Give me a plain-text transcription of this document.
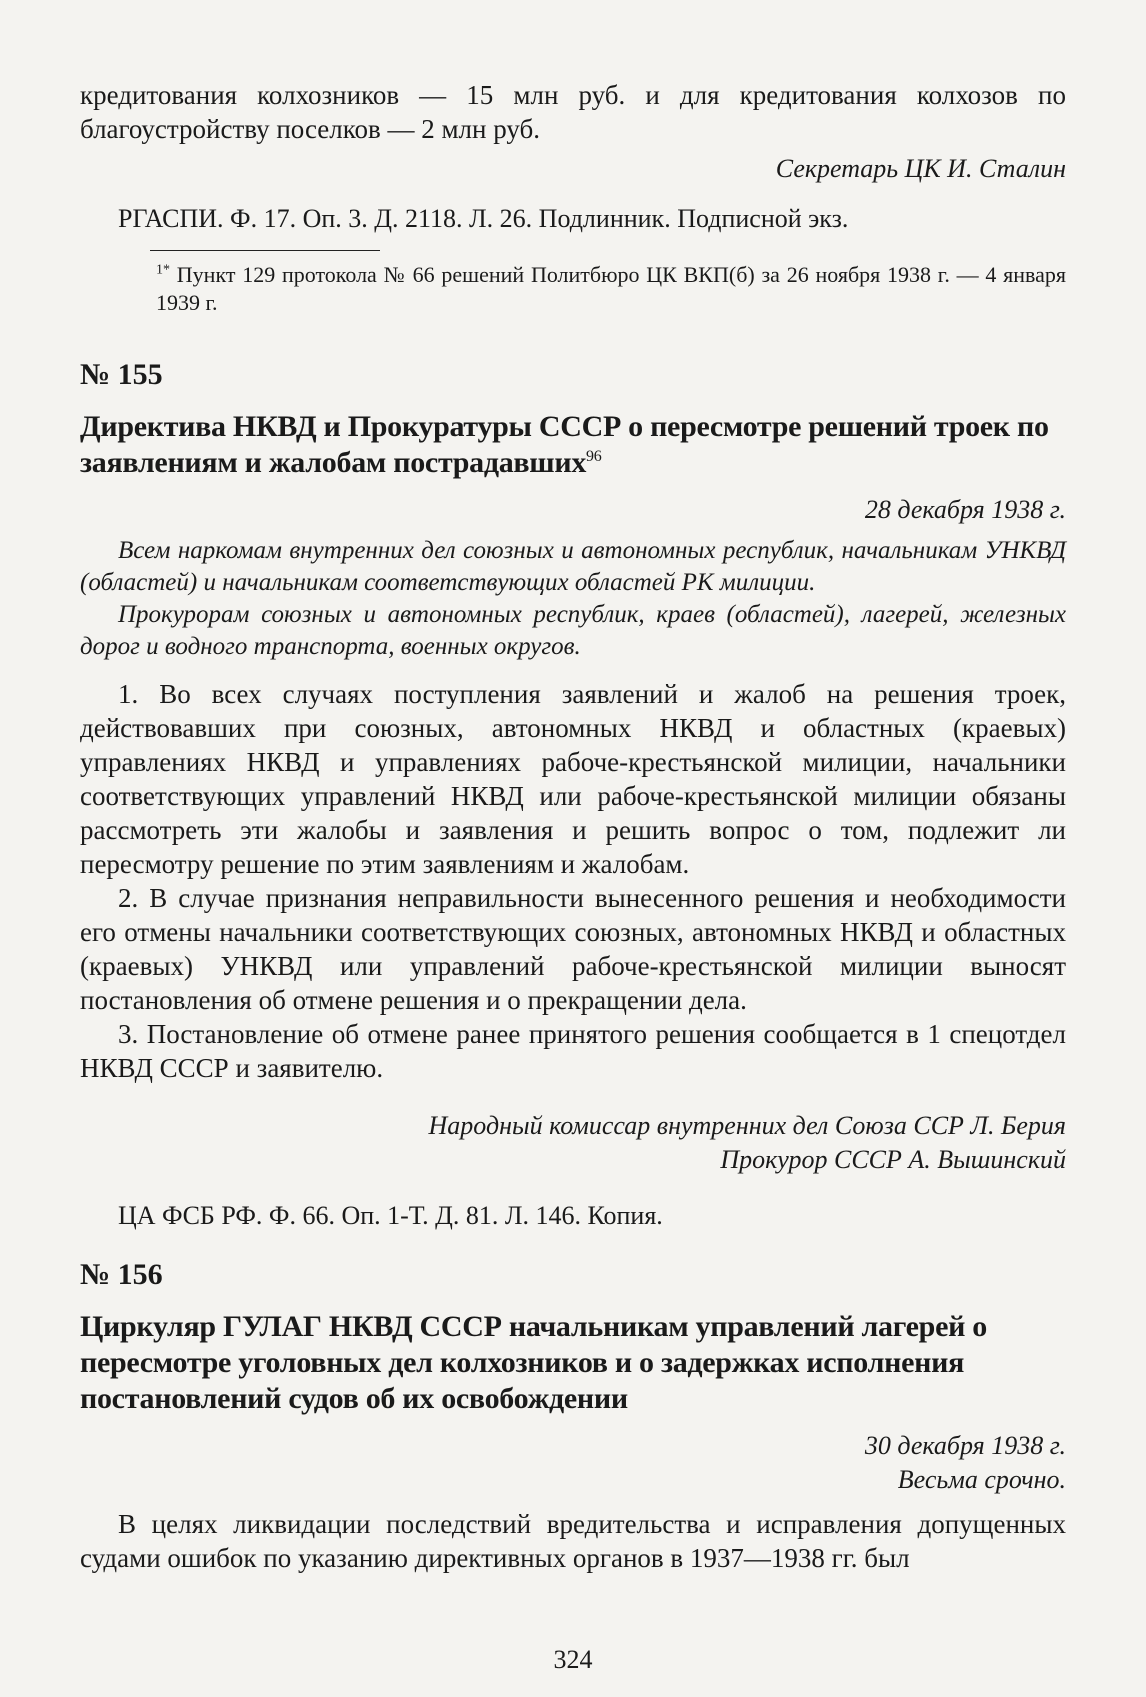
кредитования колхозников — 15 млн руб. и для кредитования колхозов по благоустройству поселков — 2 млн руб.

Секретарь ЦК И. Сталин

РГАСПИ. Ф. 17. Оп. 3. Д. 2118. Л. 26. Подлинник. Подписной экз.

$^{1*}$ Пункт 129 протокола № 66 решений Политбюро ЦК ВКП(б) за 26 ноября 1938 г. — 4 января 1939 г.

№ 155

Директива НКВД и Прокуратуры СССР о пересмотре решений троек по заявлениям и жалобам пострадавших$^{96}$

28 декабря 1938 г.

Всем наркомам внутренних дел союзных и автономных республик, начальникам УНКВД (областей) и начальникам соответствующих областей РК милиции.

Прокурорам союзных и автономных республик, краев (областей), лагерей, железных дорог и водного транспорта, военных округов.

1. Во всех случаях поступления заявлений и жалоб на решения троек, действовавших при союзных, автономных НКВД и областных (краевых) управлениях НКВД и управлениях рабоче-крестьянской милиции, начальники соответствующих управлений НКВД или рабоче-крестьянской милиции обязаны рассмотреть эти жалобы и заявления и решить вопрос о том, подлежит ли пересмотру решение по этим заявлениям и жалобам.

2. В случае признания неправильности вынесенного решения и необходимости его отмены начальники соответствующих союзных, автономных НКВД и областных (краевых) УНКВД или управлений рабоче-крестьянской милиции выносят постановления об отмене решения и о прекращении дела.

3. Постановление об отмене ранее принятого решения сообщается в 1 спецотдел НКВД СССР и заявителю.

Народный комиссар внутренних дел Союза ССР Л. Берия

Прокурор СССР А. Вышинский

ЦА ФСБ РФ. Ф. 66. Оп. 1-Т. Д. 81. Л. 146. Копия.

№ 156

Циркуляр ГУЛАГ НКВД СССР начальникам управлений лагерей о пересмотре уголовных дел колхозников и о задержках исполнения постановлений судов об их освобождении

30 декабря 1938 г.

Весьма срочно.

В целях ликвидации последствий вредительства и исправления допущенных судами ошибок по указанию директивных органов в 1937—1938 гг. был

324
